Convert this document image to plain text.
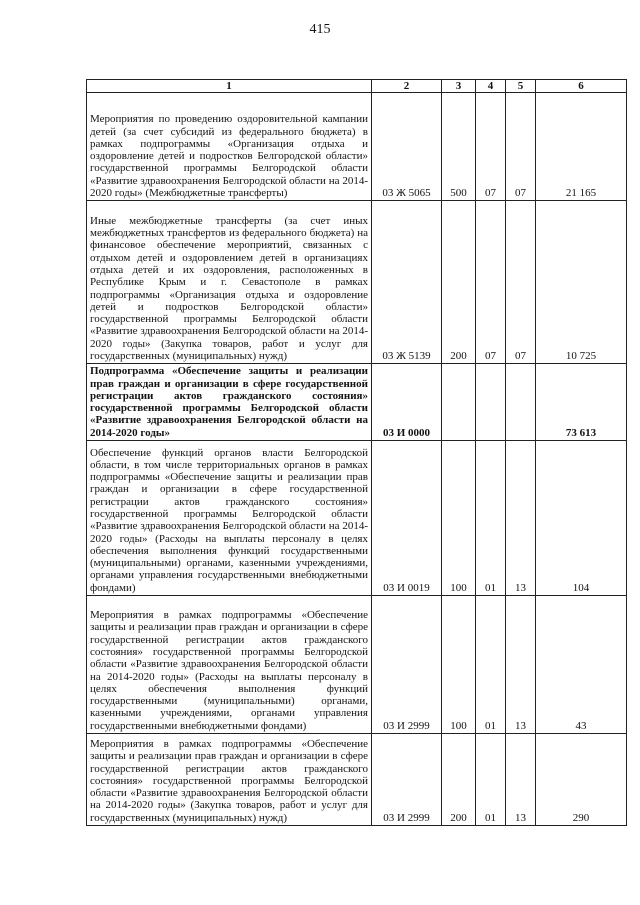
415
1	2	3	4	5	6

Мероприятия по проведению оздоровительной кампании детей (за счет субсидий из федерального бюджета) в рамках подпрограммы «Организация отдыха и оздоровление детей и подростков Белгородской области» государственной программы Белгородской области «Развитие здравоохранения Белгородской области на 2014-2020 годы» (Межбюджетные трансферты)	03 Ж 5065	500	07	07	21 165

Иные межбюджетные трансферты (за счет иных межбюджетных трансфертов из федерального бюджета) на финансовое обеспечение мероприятий, связанных с отдыхом детей и оздоровлением детей в организациях отдыха детей и их оздоровления, расположенных в Республике Крым и г. Севастополе в рамках подпрограммы «Организация отдыха и оздоровление детей и подростков Белгородской области» государственной программы Белгородской области «Развитие здравоохранения Белгородской области на 2014-2020 годы» (Закупка товаров, работ и услуг для государственных (муниципальных) нужд)	03 Ж 5139	200	07	07	10 725

Подпрограмма «Обеспечение защиты и реализации прав граждан и организации в сфере государственной регистрации актов гражданского состояния» государственной программы Белгородской области «Развитие здравоохранения Белгородской области на 2014-2020 годы»	03 И 0000				73 613

Обеспечение функций органов власти Белгородской области, в том числе территориальных органов в рамках подпрограммы «Обеспечение защиты и реализации прав граждан и организации в сфере государственной регистрации актов гражданского состояния» государственной программы Белгородской области «Развитие здравоохранения Белгородской области на 2014-2020 годы» (Расходы на выплаты персоналу в целях обеспечения выполнения функций государственными (муниципальными) органами, казенными учреждениями, органами управления государственными внебюджетными фондами)	03 И 0019	100	01	13	104

Мероприятия в рамках подпрограммы «Обеспечение защиты и реализации прав граждан и организации в сфере государственной регистрации актов гражданского состояния» государственной программы Белгородской области «Развитие здравоохранения Белгородской области на 2014-2020 годы» (Расходы на выплаты персоналу в целях обеспечения выполнения функций государственными (муниципальными) органами, казенными учреждениями, органами управления государственными внебюджетными фондами)	03 И 2999	100	01	13	43

Мероприятия в рамках подпрограммы «Обеспечение защиты и реализации прав граждан и организации в сфере государственной регистрации актов гражданского состояния» государственной программы Белгородской области «Развитие здравоохранения Белгородской области на 2014-2020 годы» (Закупка товаров, работ и услуг для государственных (муниципальных) нужд)	03 И 2999	200	01	13	290
